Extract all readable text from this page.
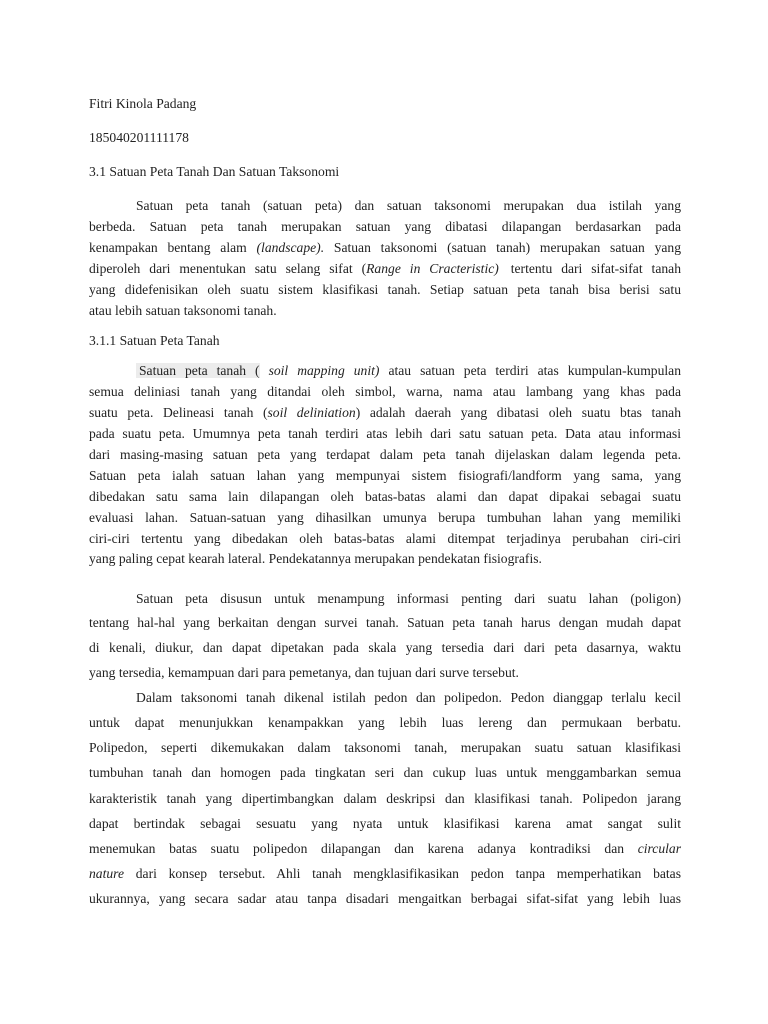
Fitri Kinola Padang
185040201111178
3.1 Satuan Peta Tanah Dan Satuan Taksonomi
Satuan peta tanah (satuan peta) dan satuan taksonomi merupakan dua istilah yang
berbeda. Satuan peta tanah merupakan satuan yang dibatasi dilapangan berdasarkan pada
kenampakan bentang alam (landscape). Satuan taksonomi (satuan tanah) merupakan satuan yang
diperoleh dari menentukan satu selang sifat (Range in Cracteristic) tertentu dari sifat-sifat tanah
yang didefenisikan oleh suatu sistem klasifikasi tanah. Setiap satuan peta tanah bisa berisi satu
atau lebih satuan taksonomi tanah.
3.1.1 Satuan Peta Tanah
Satuan peta tanah ( soil mapping unit) atau satuan peta terdiri atas kumpulan-kumpulan
semua deliniasi tanah yang ditandai oleh simbol, warna, nama atau lambang yang khas pada
suatu peta. Delineasi tanah (soil deliniation) adalah daerah yang dibatasi oleh suatu btas tanah
pada suatu peta. Umumnya peta tanah terdiri atas lebih dari satu satuan peta. Data atau informasi
dari masing-masing satuan peta yang terdapat dalam peta tanah dijelaskan dalam legenda peta.
Satuan peta ialah satuan lahan yang mempunyai sistem fisiografi/landform yang sama, yang
dibedakan satu sama lain dilapangan oleh batas-batas alami dan dapat dipakai sebagai suatu
evaluasi lahan. Satuan-satuan yang dihasilkan umunya berupa tumbuhan lahan yang memiliki
ciri-ciri tertentu yang dibedakan oleh batas-batas alami ditempat terjadinya perubahan ciri-ciri
yang paling cepat kearah lateral. Pendekatannya merupakan pendekatan fisiografis.
Satuan peta disusun untuk menampung informasi penting dari suatu lahan (poligon)
tentang hal-hal yang berkaitan dengan survei tanah. Satuan peta tanah harus dengan mudah dapat
di kenali, diukur, dan dapat dipetakan pada skala yang tersedia dari dari peta dasarnya, waktu
yang tersedia, kemampuan dari para pemetanya, dan tujuan dari surve tersebut.
Dalam taksonomi tanah dikenal istilah pedon dan polipedon. Pedon dianggap terlalu kecil
untuk dapat menunjukkan kenampakkan yang lebih luas lereng dan permukaan berbatu.
Polipedon, seperti dikemukakan dalam taksonomi tanah, merupakan suatu satuan klasifikasi
tumbuhan tanah dan homogen pada tingkatan seri dan cukup luas untuk menggambarkan semua
karakteristik tanah yang dipertimbangkan dalam deskripsi dan klasifikasi tanah. Polipedon jarang
dapat bertindak sebagai sesuatu yang nyata untuk klasifikasi karena amat sangat sulit
menemukan batas suatu polipedon dilapangan dan karena adanya kontradiksi dan circular
nature dari konsep tersebut. Ahli tanah mengklasifikasikan pedon tanpa memperhatikan batas
ukurannya, yang secara sadar atau tanpa disadari mengaitkan berbagai sifat-sifat yang lebih luas
